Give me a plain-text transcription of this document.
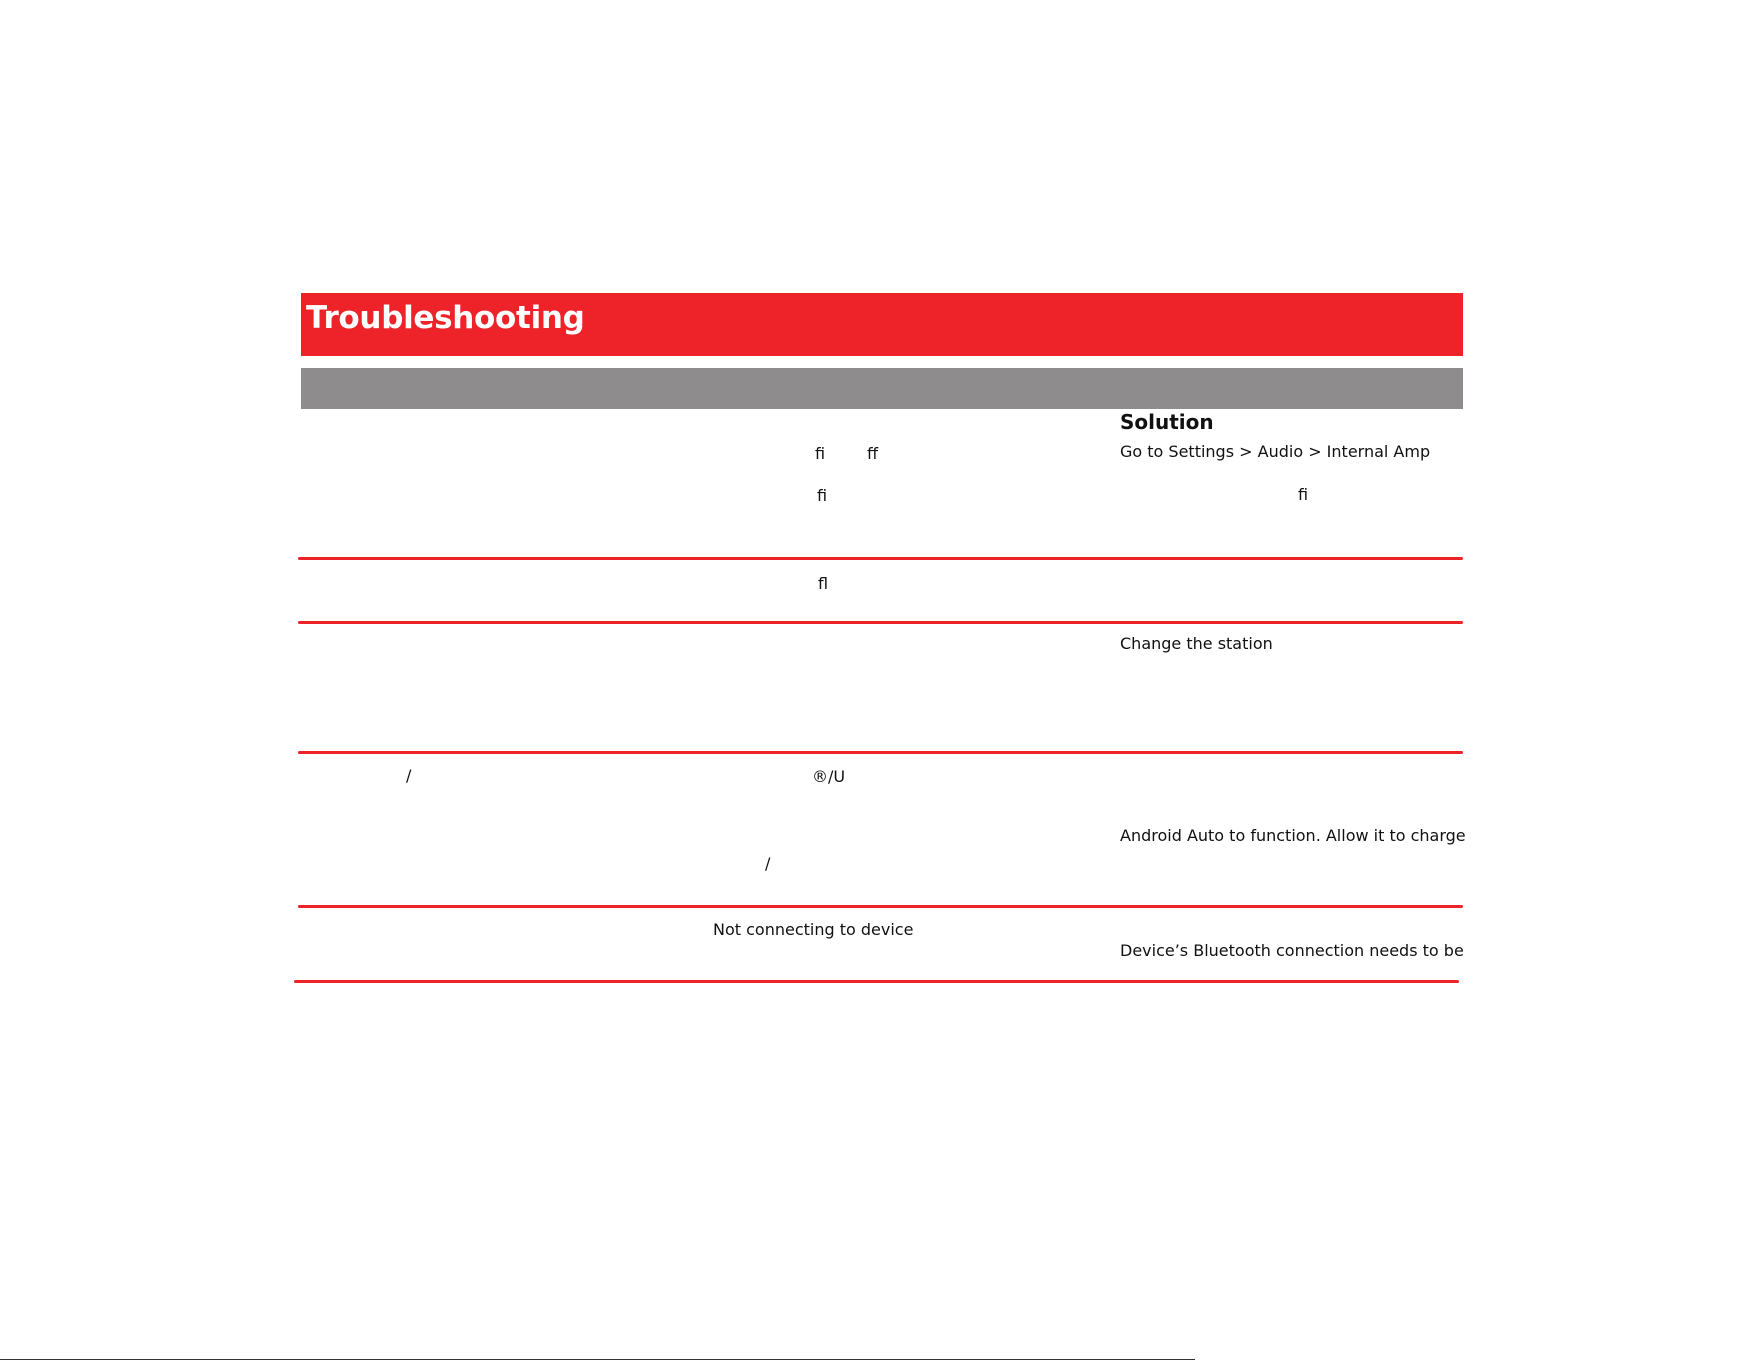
Troubleshooting
Solution
fi	ff
fi
Go to Settings > Audio > Internal Amp
fi
fl
Change the station
/	®/U
/
Android Auto to function. Allow it to charge
Not connecting to device
Device’s Bluetooth connection needs to be
